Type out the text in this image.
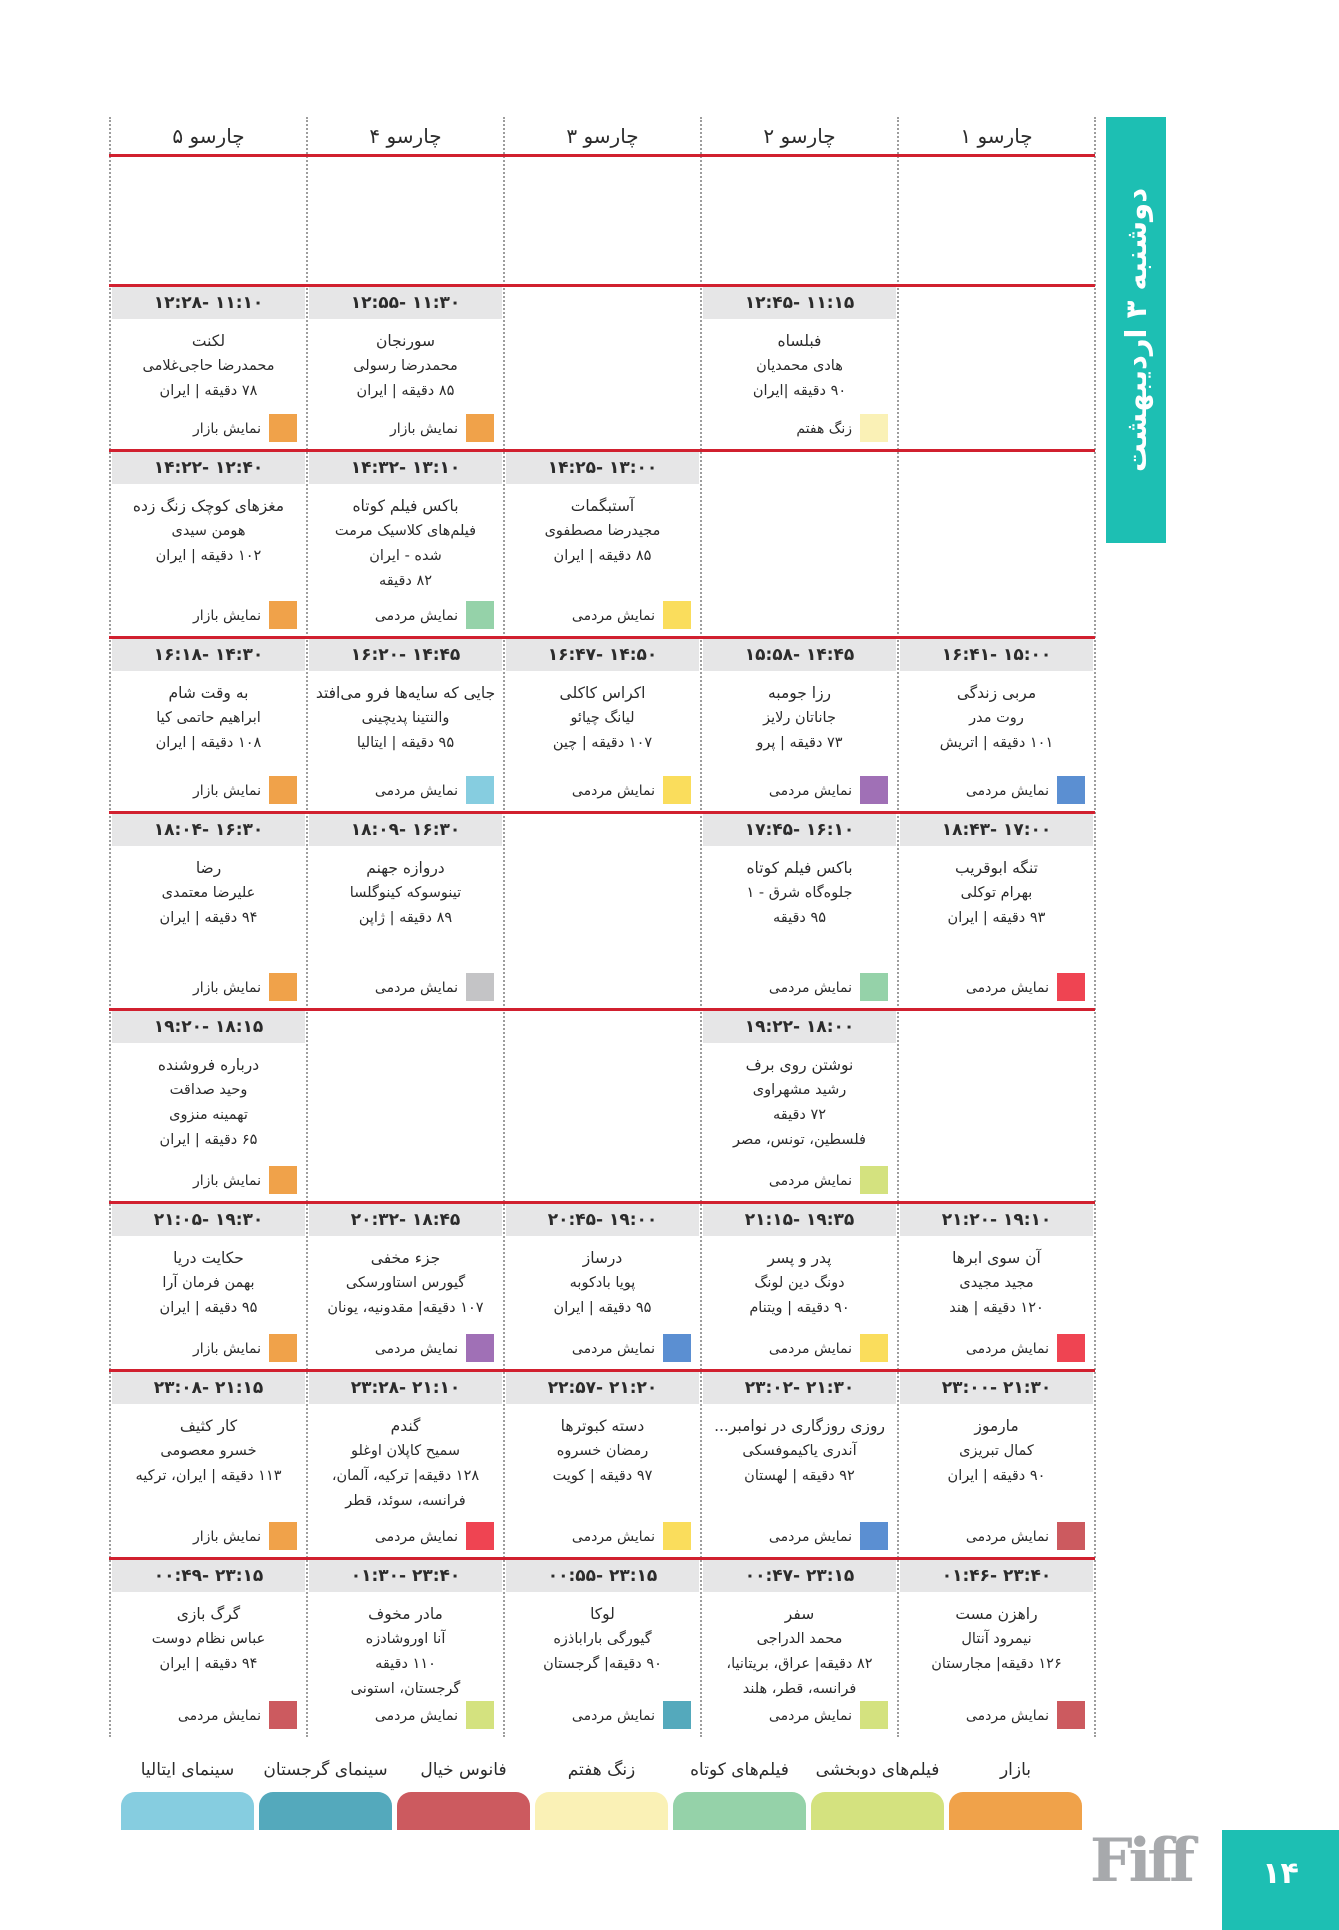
چارسو ۱
چارسو ۲
چارسو ۳
چارسو ۴
چارسو ۵
۱۱:۱۵ -۱۲:۴۵
فبلساه
هادی محمدیان
۹۰ دقیقه |ایران
زنگ هفتم
۱۱:۳۰ -۱۲:۵۵
سورنجان
محمدرضا رسولی
۸۵ دقیقه | ایران
نمایش بازار
۱۱:۱۰ -۱۲:۲۸
لکنت
محمدرضا حاجی‌غلامی
۷۸ دقیقه | ایران
نمایش بازار
۱۳:۰۰ -۱۴:۲۵
آستبگمات
مجیدرضا مصطفوی
۸۵ دقیقه | ایران
نمایش مردمی
۱۳:۱۰ -۱۴:۳۲
باکس فیلم کوتاه
فیلم‌های کلاسیک مرمت
شده - ایران
۸۲ دقیقه
نمایش مردمی
۱۲:۴۰ -۱۴:۲۲
مغزهای کوچک زنگ زده
هومن سیدی
۱۰۲ دقیقه | ایران
نمایش بازار
۱۵:۰۰ -۱۶:۴۱
مربی زندگی
روت مدر
۱۰۱ دقیقه | اتریش
نمایش مردمی
۱۴:۴۵ -۱۵:۵۸
رزا جومبه
جاناتان رلایز
۷۳ دقیقه | پرو
نمایش مردمی
۱۴:۵۰ -۱۶:۴۷
اکراس کاکلی
لیانگ چیائو
۱۰۷ دقیقه | چین
نمایش مردمی
۱۴:۴۵ -۱۶:۲۰
جایی که سایه‌ها فرو می‌افتد
والنتینا پدیچینی
۹۵ دقیقه | ایتالیا
نمایش مردمی
۱۴:۳۰ -۱۶:۱۸
به وقت شام
ابراهیم حاتمی کیا
۱۰۸ دقیقه | ایران
نمایش بازار
۱۷:۰۰ -۱۸:۴۳
تنگه ابوقریب
بهرام توکلی
۹۳ دقیقه | ایران
نمایش مردمی
۱۶:۱۰ -۱۷:۴۵
باکس فیلم کوتاه
جلوه‌گاه شرق - ۱
۹۵ دقیقه
نمایش مردمی
۱۶:۳۰ -۱۸:۰۹
دروازه جهنم
تینوسوکه کینوگلسا
۸۹ دقیقه | ژاپن
نمایش مردمی
۱۶:۳۰ -۱۸:۰۴
رضا
علیرضا معتمدی
۹۴ دقیقه | ایران
نمایش بازار
۱۸:۰۰ -۱۹:۲۲
نوشتن روی برف
رشید مشهراوی
۷۲ دقیقه
فلسطین، تونس، مصر
نمایش مردمی
۱۸:۱۵ -۱۹:۲۰
درباره فروشنده
وحید صداقت
تهمینه منزوی
۶۵ دقیقه | ایران
نمایش بازار
۱۹:۱۰ -۲۱:۲۰
آن سوی ابرها
مجید مجیدی
۱۲۰ دقیقه | هند
نمایش مردمی
۱۹:۳۵ -۲۱:۱۵
پدر و پسر
دونگ دین لونگ
۹۰ دقیقه | ویتنام
نمایش مردمی
۱۹:۰۰ -۲۰:۴۵
درساز
پویا بادکوبه
۹۵ دقیقه | ایران
نمایش مردمی
۱۸:۴۵ -۲۰:۳۲
جزء مخفی
گیورس استاورسکی
۱۰۷ دقیقه| مقدونیه، یونان
نمایش مردمی
۱۹:۳۰ -۲۱:۰۵
حکایت دریا
بهمن فرمان آرا
۹۵ دقیقه | ایران
نمایش بازار
۲۱:۳۰ -۲۳:۰۰
مارموز
کمال تبریزی
۹۰ دقیقه | ایران
نمایش مردمی
۲۱:۳۰ -۲۳:۰۲
روزی روزگاری در نوامبر...
آندری یاکیموفسکی
۹۲ دقیقه | لهستان
نمایش مردمی
۲۱:۲۰ -۲۲:۵۷
دسته کبوترها
رمضان خسروه
۹۷ دقیقه | کویت
نمایش مردمی
۲۱:۱۰ -۲۳:۲۸
گندم
سمیح کاپلان اوغلو
۱۲۸ دقیقه| ترکیه، آلمان،
فرانسه، سوئد، قطر
نمایش مردمی
۲۱:۱۵ -۲۳:۰۸
کار کثیف
خسرو معصومی
۱۱۳ دقیقه | ایران، ترکیه
نمایش بازار
۲۳:۴۰ -۰۱:۴۶
راهزن مست
نیمرود آنتال
۱۲۶ دقیقه| مجارستان
نمایش مردمی
۲۳:۱۵ -۰۰:۴۷
سفر
محمد الدراجی
۸۲ دقیقه| عراق، بریتانیا،
فرانسه، قطر، هلند
نمایش مردمی
۲۳:۱۵ -۰۰:۵۵
لوکا
گیورگی باراباذزه
۹۰ دقیقه| گرجستان
نمایش مردمی
۲۳:۴۰ -۰۱:۳۰
مادر مخوف
آنا اوروشادزه
۱۱۰ دقیقه
گرجستان، استونی
نمایش مردمی
۲۳:۱۵ -۰۰:۴۹
گرگ بازی
عباس نظام دوست
۹۴ دقیقه | ایران
نمایش مردمی
دوشنبه ۳ اردیبهشت
بازار
فیلم‌های دوبخشی
فیلم‌های کوتاه
زنگ هفتم
فانوس خیال
سینمای گرجستان
سینمای ایتالیا
Fiff	۱۴
